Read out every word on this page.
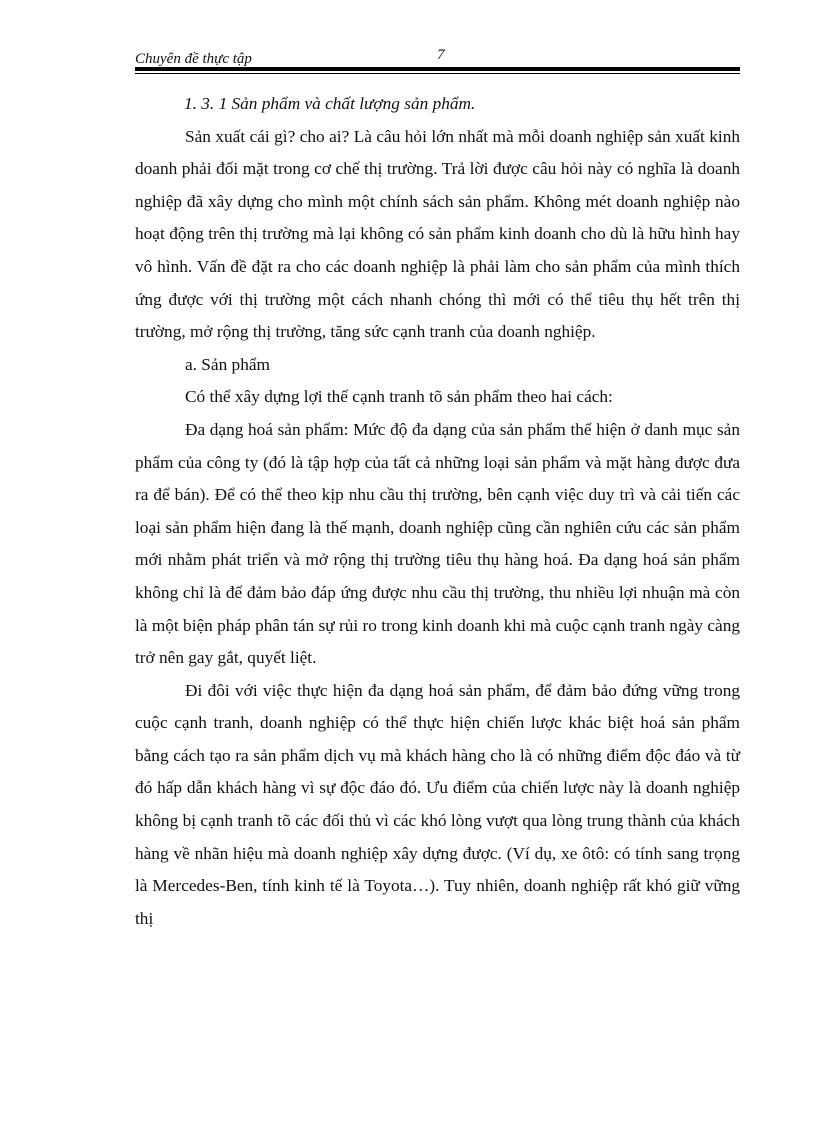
Chuyên đề thực tập	7

1. 3. 1 Sản phẩm và chất lượng sản phẩm.

Sản xuất cái gì? cho ai? Là câu hỏi lớn nhất mà mỗi doanh nghiệp sản xuất kinh doanh phải đối mặt trong cơ chế thị trường. Trả lời được câu hỏi này có nghĩa là doanh nghiệp đã xây dựng cho mình một chính sách sản phẩm. Không mét doanh nghiệp nào hoạt động trên thị trường mà lại không có sản phẩm kinh doanh cho dù là hữu hình hay vô hình. Vấn đề đặt ra cho các doanh nghiệp là phải làm cho sản phẩm của mình thích ứng được với thị trường một cách nhanh chóng thì mới có thể tiêu thụ hết trên thị trường, mở rộng thị trường, tăng sức cạnh tranh của doanh nghiệp.

a. Sản phẩm

Có thể xây dựng lợi thế cạnh tranh tõ sản phẩm theo hai cách:

Đa dạng hoá sản phẩm: Mức độ đa dạng của sản phẩm thể hiện ở danh mục sản phẩm của công ty (đó là tập hợp của tất cả những loại sản phẩm và mặt hàng được đưa ra để bán). Để có thể theo kịp nhu cầu thị trường, bên cạnh việc duy trì và cải tiến các loại sản phẩm hiện đang là thế mạnh, doanh nghiệp cũng cần nghiên cứu các sản phẩm mới nhằm phát triển và mở rộng thị trường tiêu thụ hàng hoá. Đa dạng hoá sản phẩm không chỉ là để đảm bảo đáp ứng được nhu cầu thị trường, thu nhiều lợi nhuận mà còn là một biện pháp phân tán sự rủi ro trong kinh doanh khi mà cuộc cạnh tranh ngày càng trở nên gay gắt, quyết liệt.

Đi đôi với việc thực hiện đa dạng hoá sản phẩm, để đảm bảo đứng vững trong cuộc cạnh tranh, doanh nghiệp có thể thực hiện chiến lược khác biệt hoá sản phẩm bằng cách tạo ra sản phẩm dịch vụ mà khách hàng cho là có những điểm độc đáo và từ đó hấp dẫn khách hàng vì sự độc đáo đó. Ưu điểm của chiến lược này là doanh nghiệp không bị cạnh tranh tõ các đối thủ vì các khó lòng vượt qua lòng trung thành của khách hàng về nhãn hiệu mà doanh nghiệp xây dựng được. (Ví dụ, xe ôtô: có tính sang trọng là Mercedes-Ben, tính kinh tế là Toyota…). Tuy nhiên, doanh nghiệp rất khó giữ vững thị
